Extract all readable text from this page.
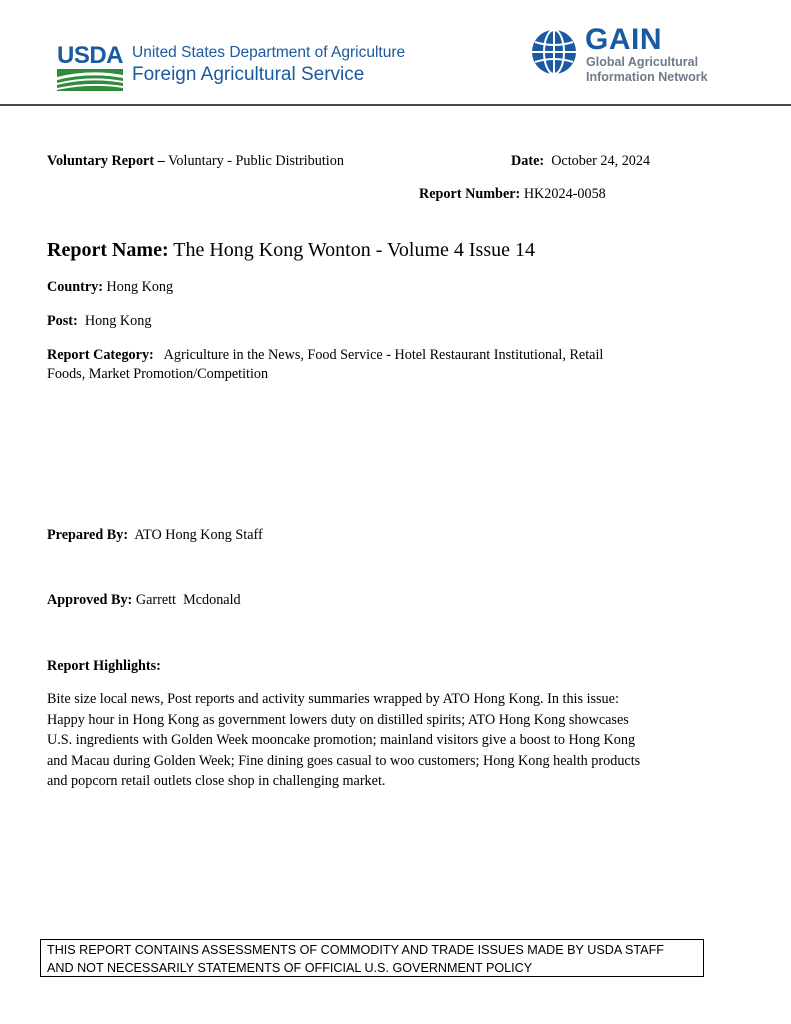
USDA United States Department of Agriculture
Foreign Agricultural Service
GAIN
Global Agricultural
Information Network
Voluntary Report – Voluntary - Public Distribution	Date: October 24, 2024
Report Number: HK2024-0058
Report Name: The Hong Kong Wonton - Volume 4 Issue 14
Country: Hong Kong
Post: Hong Kong
Report Category: Agriculture in the News, Food Service - Hotel Restaurant Institutional, Retail
Foods, Market Promotion/Competition
Prepared By: ATO Hong Kong Staff
Approved By: Garrett  Mcdonald
Report Highlights:
Bite size local news, Post reports and activity summaries wrapped by ATO Hong Kong. In this issue:
Happy hour in Hong Kong as government lowers duty on distilled spirits; ATO Hong Kong showcases
U.S. ingredients with Golden Week mooncake promotion; mainland visitors give a boost to Hong Kong
and Macau during Golden Week; Fine dining goes casual to woo customers; Hong Kong health products
and popcorn retail outlets close shop in challenging market.
THIS REPORT CONTAINS ASSESSMENTS OF COMMODITY AND TRADE ISSUES MADE BY USDA STAFF
AND NOT NECESSARILY STATEMENTS OF OFFICIAL U.S. GOVERNMENT POLICY
